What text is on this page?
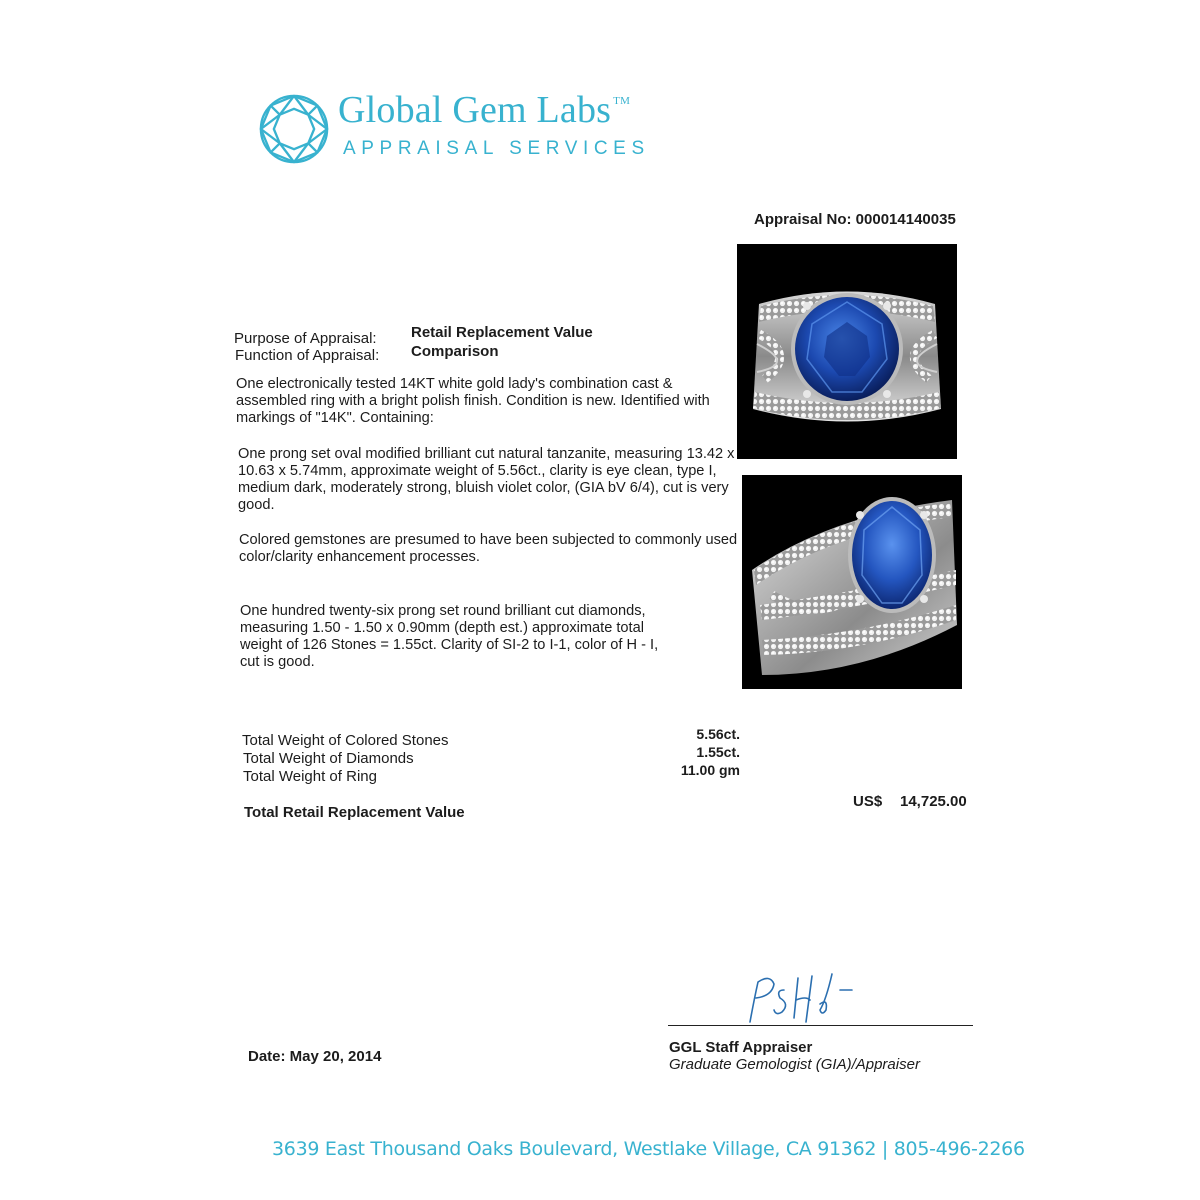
Global Gem Labs ™
APPRAISAL SERVICES
Appraisal No: 000014140035
Purpose of Appraisal:
Function of Appraisal:
Retail Replacement Value
Comparison
One electronically tested 14KT white gold lady's combination cast & assembled ring with a bright polish finish. Condition is new. Identified with markings of "14K". Containing:
One prong set oval modified brilliant cut natural tanzanite, measuring 13.42 x 10.63 x 5.74mm, approximate weight of 5.56ct., clarity is eye clean, type I, medium dark, moderately strong, bluish violet color, (GIA bV 6/4), cut is very good.
Colored gemstones are presumed to have been subjected to commonly used color/clarity enhancement processes.
One hundred twenty-six prong set round brilliant cut diamonds, measuring 1.50 - 1.50 x 0.90mm (depth est.) approximate total weight of 126 Stones = 1.55ct. Clarity of SI-2 to I-1, color of H - I, cut is good.
Total Weight of Colored Stones
Total Weight of Diamonds
Total Weight of Ring
5.56ct.
1.55ct.
11.00 gm
Total Retail Replacement Value
US$ 14,725.00
GGL Staff Appraiser
Graduate Gemologist (GIA)/Appraiser
Date: May 20, 2014
3639 East Thousand Oaks Boulevard, Westlake Village, CA 91362 | 805-496-2266
